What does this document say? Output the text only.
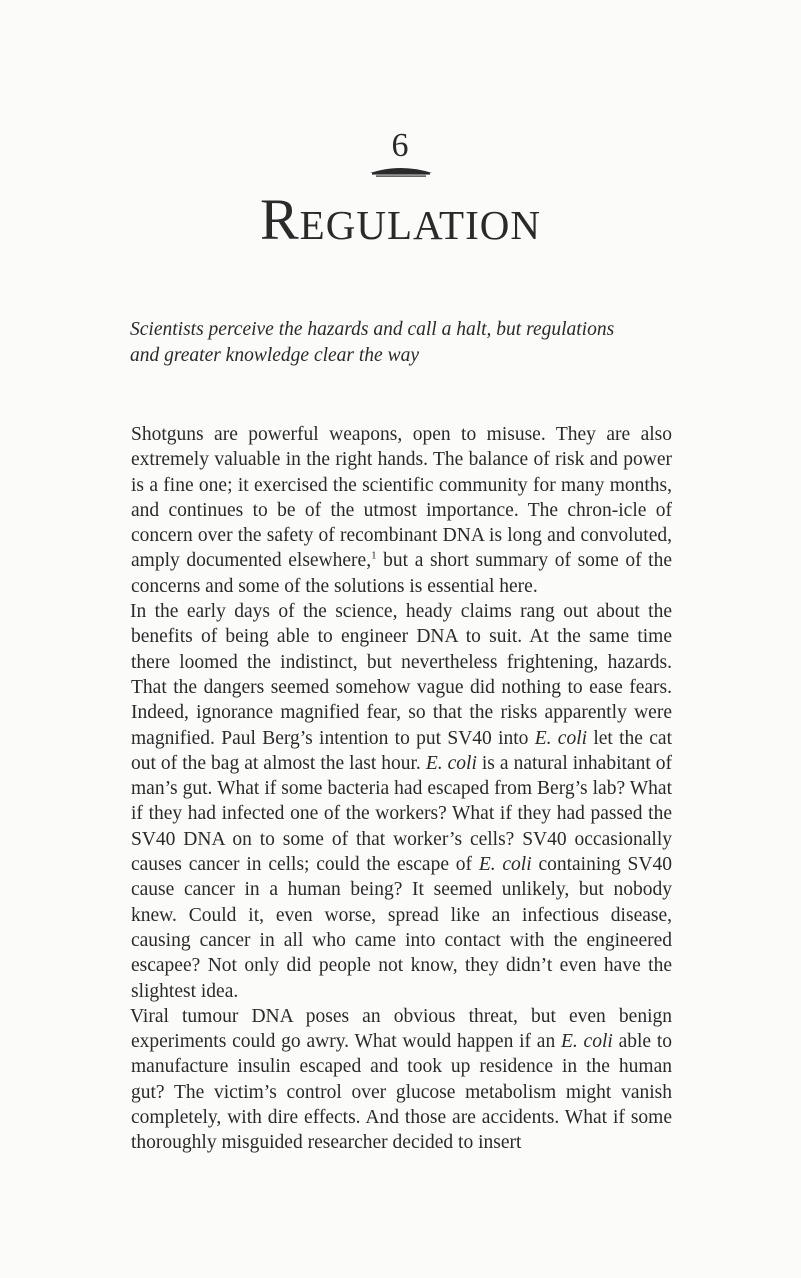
6
Regulation
Scientists perceive the hazards and call a halt, but regulations
and greater knowledge clear the way

Shotguns are powerful weapons, open to misuse. They are also extremely valuable in the right hands. The balance of risk and power is a fine one; it exercised the scientific community for many months, and continues to be of the utmost importance. The chron-icle of concern over the safety of recombinant DNA is long and convoluted, amply documented elsewhere,$^1$ but a short summary of some of the concerns and some of the solutions is essential here.

In the early days of the science, heady claims rang out about the benefits of being able to engineer DNA to suit. At the same time there loomed the indistinct, but nevertheless frightening, hazards. That the dangers seemed somehow vague did nothing to ease fears. Indeed, ignorance magnified fear, so that the risks apparently were magnified. Paul Berg’s intention to put SV40 into E. coli let the cat out of the bag at almost the last hour. E. coli is a natural inhabitant of man’s gut. What if some bacteria had escaped from Berg’s lab? What if they had infected one of the workers? What if they had passed the SV40 DNA on to some of that worker’s cells? SV40 occasionally causes cancer in cells; could the escape of E. coli containing SV40 cause cancer in a human being? It seemed unlikely, but nobody knew. Could it, even worse, spread like an infectious disease, causing cancer in all who came into contact with the engineered escapee? Not only did people not know, they didn’t even have the slightest idea.

Viral tumour DNA poses an obvious threat, but even benign experiments could go awry. What would happen if an E. coli able to manufacture insulin escaped and took up residence in the human gut? The victim’s control over glucose metabolism might vanish completely, with dire effects. And those are accidents. What if some thoroughly misguided researcher decided to insert
